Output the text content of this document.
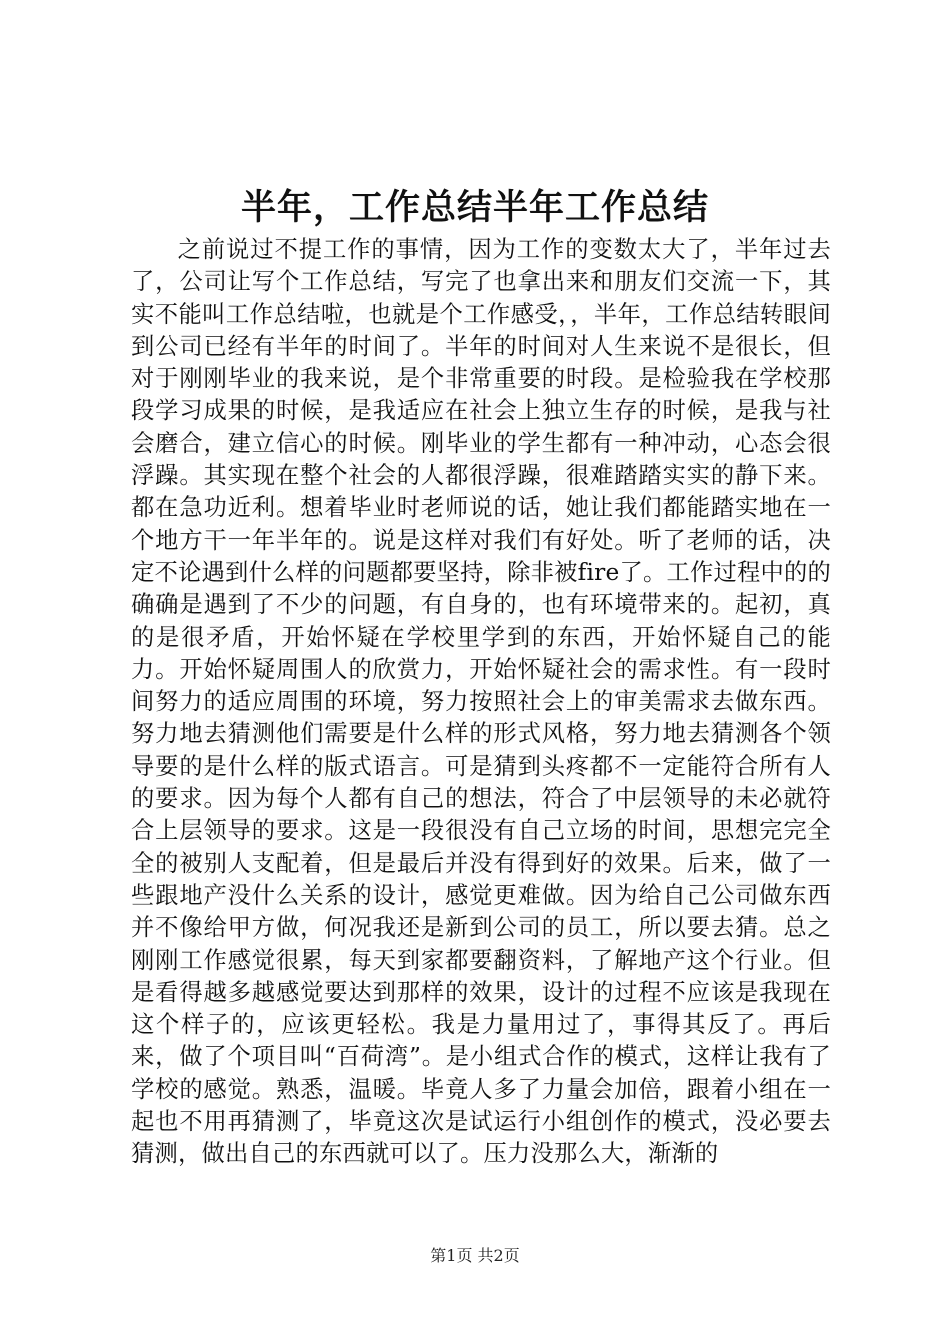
半年，工作总结半年工作总结

之前说过不提工作的事情，因为工作的变数太大了，半年过去了，公司让写个工作总结，写完了也拿出来和朋友们交流一下，其实不能叫工作总结啦，也就是个工作感受，，半年，工作总结转眼间到公司已经有半年的时间了。半年的时间对人生来说不是很长，但对于刚刚毕业的我来说，是个非常重要的时段。是检验我在学校那段学习成果的时候，是我适应在社会上独立生存的时候，是我与社会磨合，建立信心的时候。刚毕业的学生都有一种冲动，心态会很浮躁。其实现在整个社会的人都很浮躁，很难踏踏实实的静下来。都在急功近利。想着毕业时老师说的话，她让我们都能踏实地在一个地方干一年半年的。说是这样对我们有好处。听了老师的话，决定不论遇到什么样的问题都要坚持，除非被fire了。工作过程中的的确确是遇到了不少的问题，有自身的，也有环境带来的。起初，真的是很矛盾，开始怀疑在学校里学到的东西，开始怀疑自己的能力。开始怀疑周围人的欣赏力，开始怀疑社会的需求性。有一段时间努力的适应周围的环境，努力按照社会上的审美需求去做东西。努力地去猜测他们需要是什么样的形式风格，努力地去猜测各个领导要的是什么样的版式语言。可是猜到头疼都不一定能符合所有人的要求。因为每个人都有自己的想法，符合了中层领导的未必就符合上层领导的要求。这是一段很没有自己立场的时间，思想完完全全的被别人支配着，但是最后并没有得到好的效果。后来，做了一些跟地产没什么关系的设计，感觉更难做。因为给自己公司做东西并不像给甲方做，何况我还是新到公司的员工，所以要去猜。总之刚刚工作感觉很累，每天到家都要翻资料，了解地产这个行业。但是看得越多越感觉要达到那样的效果，设计的过程不应该是我现在这个样子的，应该更轻松。我是力量用过了，事得其反了。再后来，做了个项目叫“百荷湾”。是小组式合作的模式，这样让我有了学校的感觉。熟悉，温暖。毕竟人多了力量会加倍，跟着小组在一起也不用再猜测了，毕竟这次是试运行小组创作的模式，没必要去猜测，做出自己的东西就可以了。压力没那么大，渐渐的

第1页 共2页
